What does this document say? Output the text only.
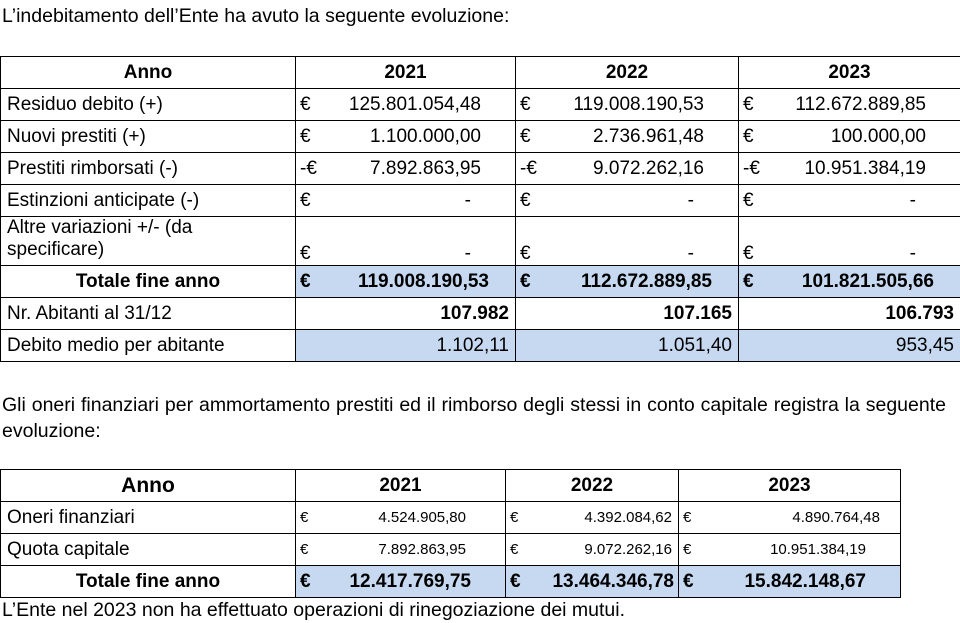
L’indebitamento dell’Ente ha avuto la seguente evoluzione:

Anno	2021	2022	2023
Residuo debito (+)	€ 125.801.054,48	€ 119.008.190,53	€ 112.672.889,85

Nuovi prestiti (+)	€ 1.100.000,00	€ 2.736.961,48	€ 100.000,00

Prestiti rimborsati (-)	-€ 7.892.863,95	-€ 9.072.262,16	-€ 10.951.384,19

Estinzioni anticipate (-)	€ -	€ -	€ -

Altre variazioni +/- (da
specificare)	€ -	€ -	€ -

Totale fine anno	€ 119.008.190,53	€ 112.672.889,85	€ 101.821.505,66

Nr. Abitanti al 31/12	107.982	107.165	106.793
Debito medio per abitante	1.102,11	1.051,40	953,45

Gli oneri finanziari per ammortamento prestiti ed il rimborso degli stessi in conto capitale registra la seguente evoluzione:

Anno	2021	2022	2023
Oneri finanziari	€ 4.524.905,80	€ 4.392.084,62	€ 4.890.764,48

Quota capitale	€ 7.892.863,95	€ 9.072.262,16	€ 10.951.384,19

Totale fine anno	€ 12.417.769,75	€ 13.464.346,78	€ 15.842.148,67

L’Ente nel 2023 non ha effettuato operazioni di rinegoziazione dei mutui.
